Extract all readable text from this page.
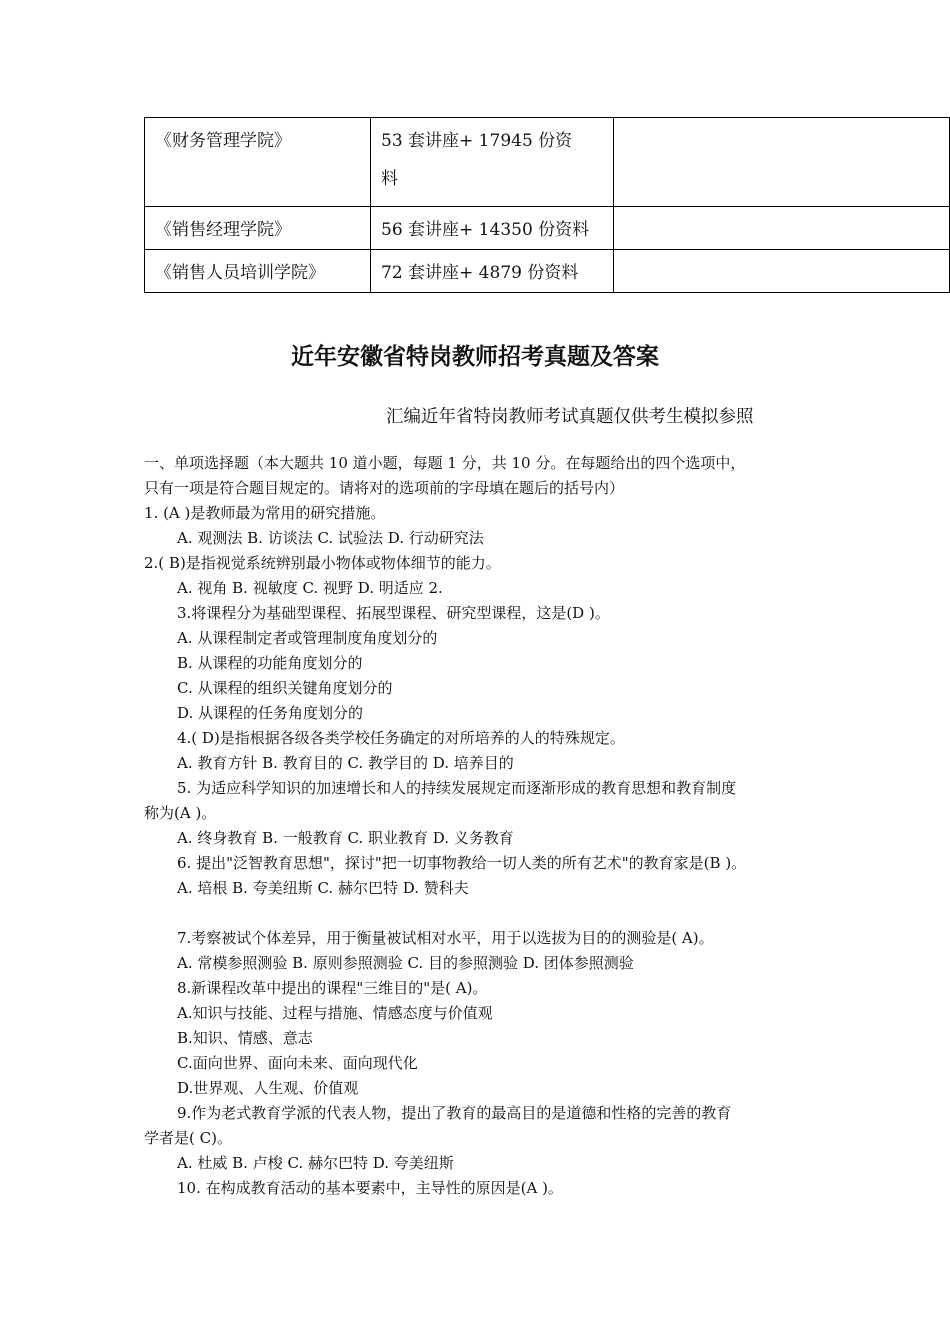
《财务管理学院》	53 套讲座+ 17945 份资
料	

《销售经理学院》	56 套讲座+ 14350 份资料	
《销售人员培训学院》	72 套讲座+ 4879 份资料	
近年安徽省特岗教师招考真题及答案

汇编近年省特岗教师考试真题仅供考生模拟参照

一、单项选择题（本大题共 10 道小题，每题 1 分，共 10 分。在每题给出的四个选项中，
只有一项是符合题目规定的。请将对的选项前的字母填在题后的括号内）
1. (A )是教师最为常用的研究措施。
A. 观测法 B. 访谈法 C. 试验法 D. 行动研究法
2.( B)是指视觉系统辨别最小物体或物体细节的能力。
A. 视角 B. 视敏度 C. 视野 D. 明适应 2.
3.将课程分为基础型课程、拓展型课程、研究型课程，这是(D )。
A. 从课程制定者或管理制度角度划分的
B. 从课程的功能角度划分的
C. 从课程的组织关键角度划分的
D. 从课程的任务角度划分的
4.( D)是指根据各级各类学校任务确定的对所培养的人的特殊规定。
A. 教育方针 B. 教育目的 C. 教学目的 D. 培养目的
5. 为适应科学知识的加速增长和人的持续发展规定而逐渐形成的教育思想和教育制度
称为(A )。
A. 终身教育 B. 一般教育 C. 职业教育 D. 义务教育
6. 提出"泛智教育思想"，探讨"把一切事物教给一切人类的所有艺术"的教育家是(B )。
A. 培根 B. 夸美纽斯 C. 赫尔巴特 D. 赞科夫
7.考察被试个体差异，用于衡量被试相对水平，用于以选拔为目的的测验是( A)。
A. 常模参照测验 B. 原则参照测验 C. 目的参照测验 D. 团体参照测验
8.新课程改革中提出的课程"三维目的"是( A)。
A.知识与技能、过程与措施、情感态度与价值观
B.知识、情感、意志
C.面向世界、面向未来、面向现代化
D.世界观、人生观、价值观
9.作为老式教育学派的代表人物，提出了教育的最高目的是道德和性格的完善的教育
学者是( C)。
A. 杜威 B. 卢梭 C. 赫尔巴特 D. 夸美纽斯
10. 在构成教育活动的基本要素中，主导性的原因是(A )。
